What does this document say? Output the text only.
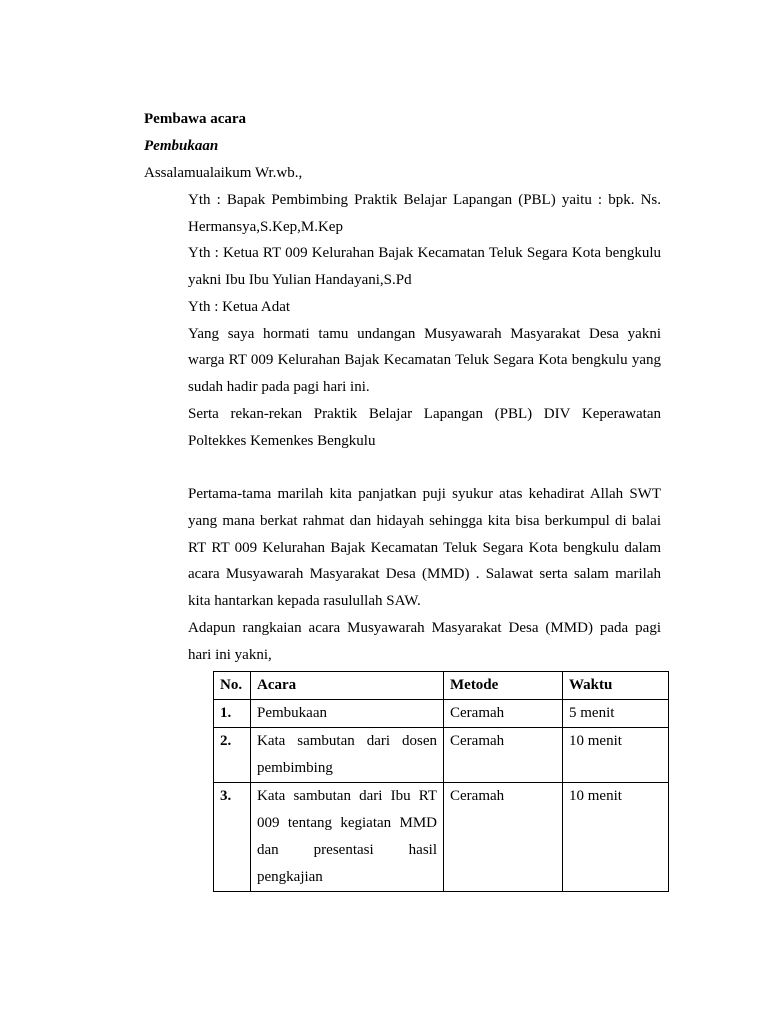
Pembawa acara
Pembukaan
Assalamualaikum Wr.wb.,
Yth : Bapak Pembimbing Praktik Belajar Lapangan (PBL) yaitu : bpk. Ns.
Hermansya,S.Kep,M.Kep
Yth : Ketua RT 009 Kelurahan Bajak Kecamatan Teluk Segara Kota bengkulu
yakni Ibu Ibu Yulian Handayani,S.Pd
Yth : Ketua Adat
Yang saya hormati tamu undangan Musyawarah Masyarakat Desa yakni
warga RT 009 Kelurahan Bajak Kecamatan Teluk Segara Kota bengkulu yang
sudah hadir pada pagi hari ini.
Serta rekan-rekan Praktik Belajar Lapangan (PBL) DIV Keperawatan
Poltekkes Kemenkes Bengkulu
Pertama-tama marilah kita panjatkan puji syukur atas kehadirat Allah SWT
yang mana berkat rahmat dan hidayah sehingga kita bisa berkumpul di balai
RT RT 009 Kelurahan Bajak Kecamatan Teluk Segara Kota bengkulu dalam
acara Musyawarah Masyarakat Desa (MMD) . Salawat serta salam marilah
kita hantarkan kepada rasulullah SAW.
Adapun rangkaian acara Musyawarah Masyarakat Desa (MMD) pada pagi
hari ini yakni,
No.	Acara	Metode	Waktu
1.	Pembukaan	Ceramah	5 menit
2.	Kata sambutan dari dosen
pembimbing	Ceramah	10 menit
3.	Kata sambutan dari Ibu RT
009 tentang kegiatan MMD
dan presentasi hasil
pengkajian	Ceramah	10 menit
